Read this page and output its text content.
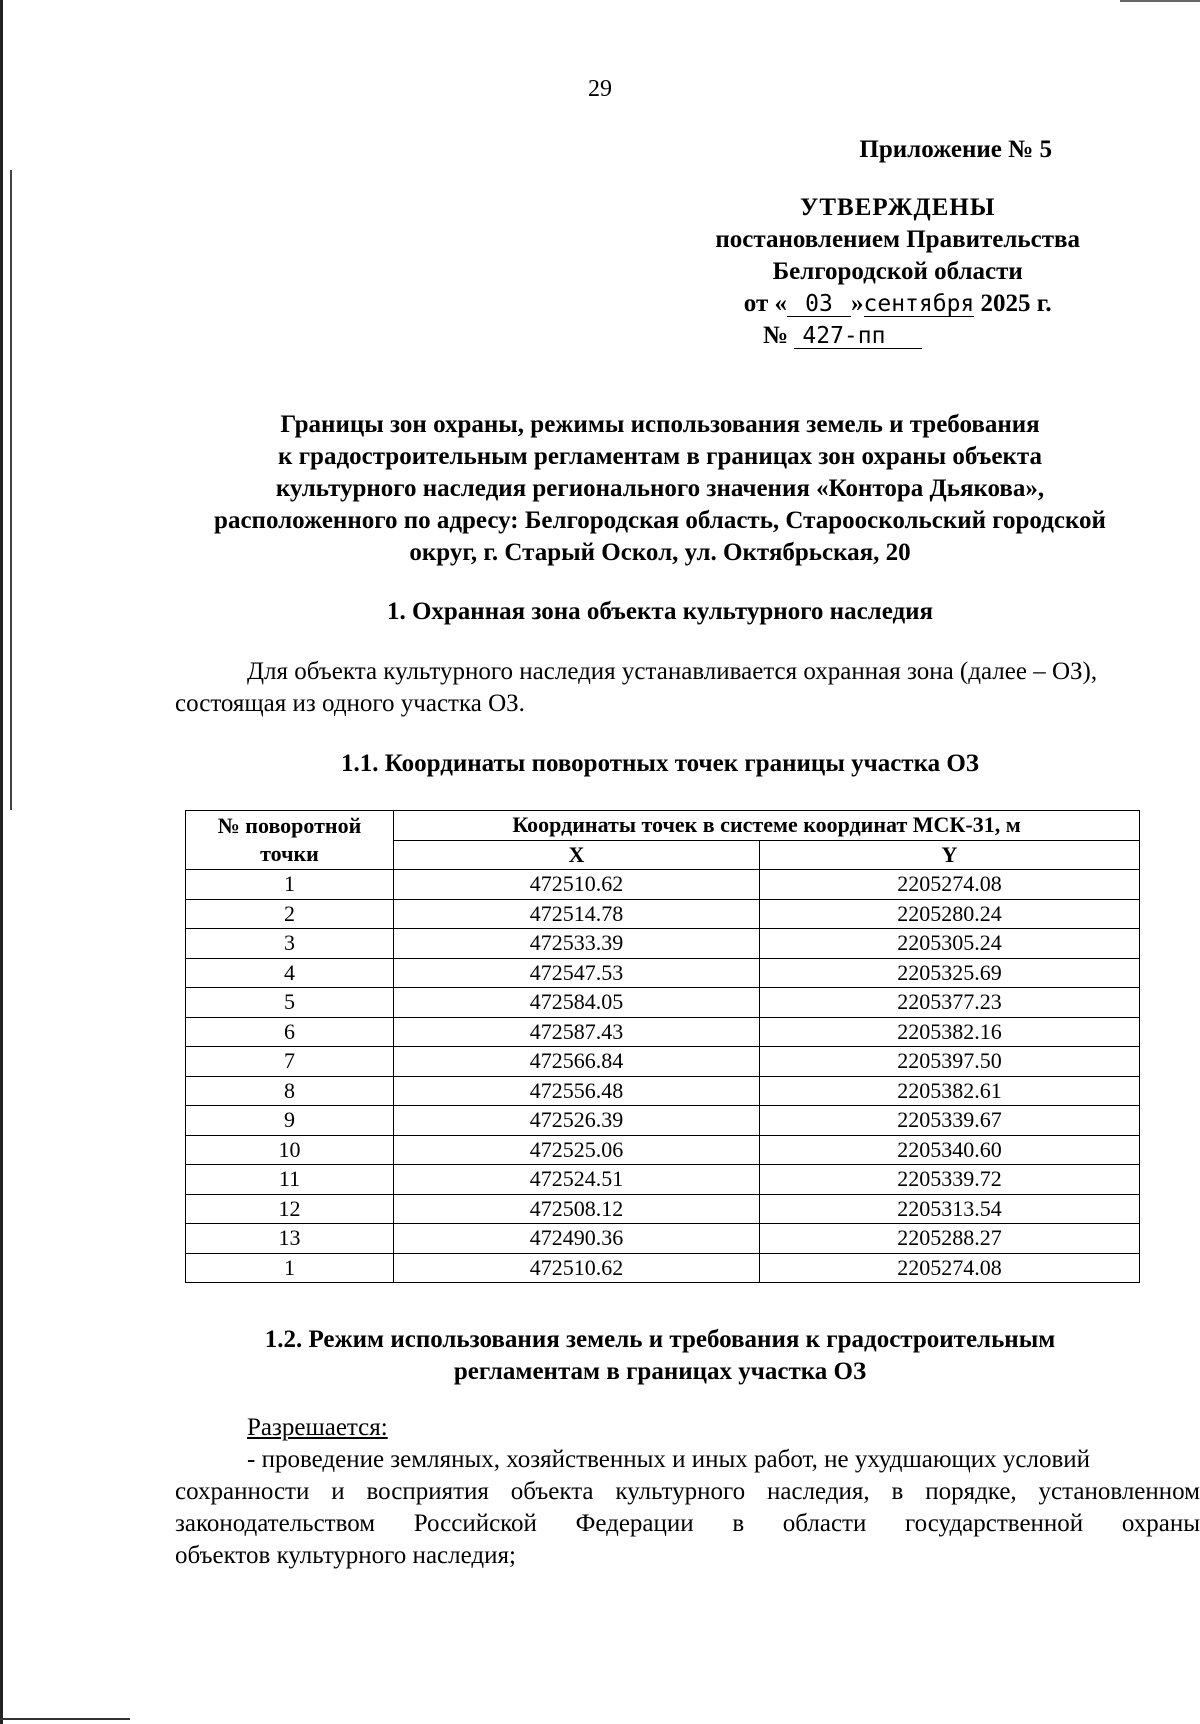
29
Приложение № 5
УТВЕРЖДЕНЫ
постановлением Правительства
Белгородской области
от « 03 »сентября 2025 г.
№ 427-пп
Границы зон охраны, режимы использования земель и требования
к градостроительным регламентам в границах зон охраны объекта
культурного наследия регионального значения «Контора Дьякова»,
расположенного по адресу: Белгородская область, Старооскольский городской
округ, г. Старый Оскол, ул. Октябрьская, 20
1. Охранная зона объекта культурного наследия
Для объекта культурного наследия устанавливается охранная зона (далее – ОЗ),
состоящая из одного участка ОЗ.
1.1. Координаты поворотных точек границы участка ОЗ
№ поворотной точки	Координаты точек в системе координат МСК-31, м	
	X	Y
1	472510.62	2205274.08
2	472514.78	2205280.24
3	472533.39	2205305.24
4	472547.53	2205325.69
5	472584.05	2205377.23
6	472587.43	2205382.16
7	472566.84	2205397.50
8	472556.48	2205382.61
9	472526.39	2205339.67
10	472525.06	2205340.60
11	472524.51	2205339.72
12	472508.12	2205313.54
13	472490.36	2205288.27
1	472510.62	2205274.08
1.2. Режим использования земель и требования к градостроительным
регламентам в границах участка ОЗ
Разрешается:
- проведение земляных, хозяйственных и иных работ, не ухудшающих условий
сохранности и восприятия объекта культурного наследия, в порядке, установленном
законодательством Российской Федерации в области государственной охраны
объектов культурного наследия;
